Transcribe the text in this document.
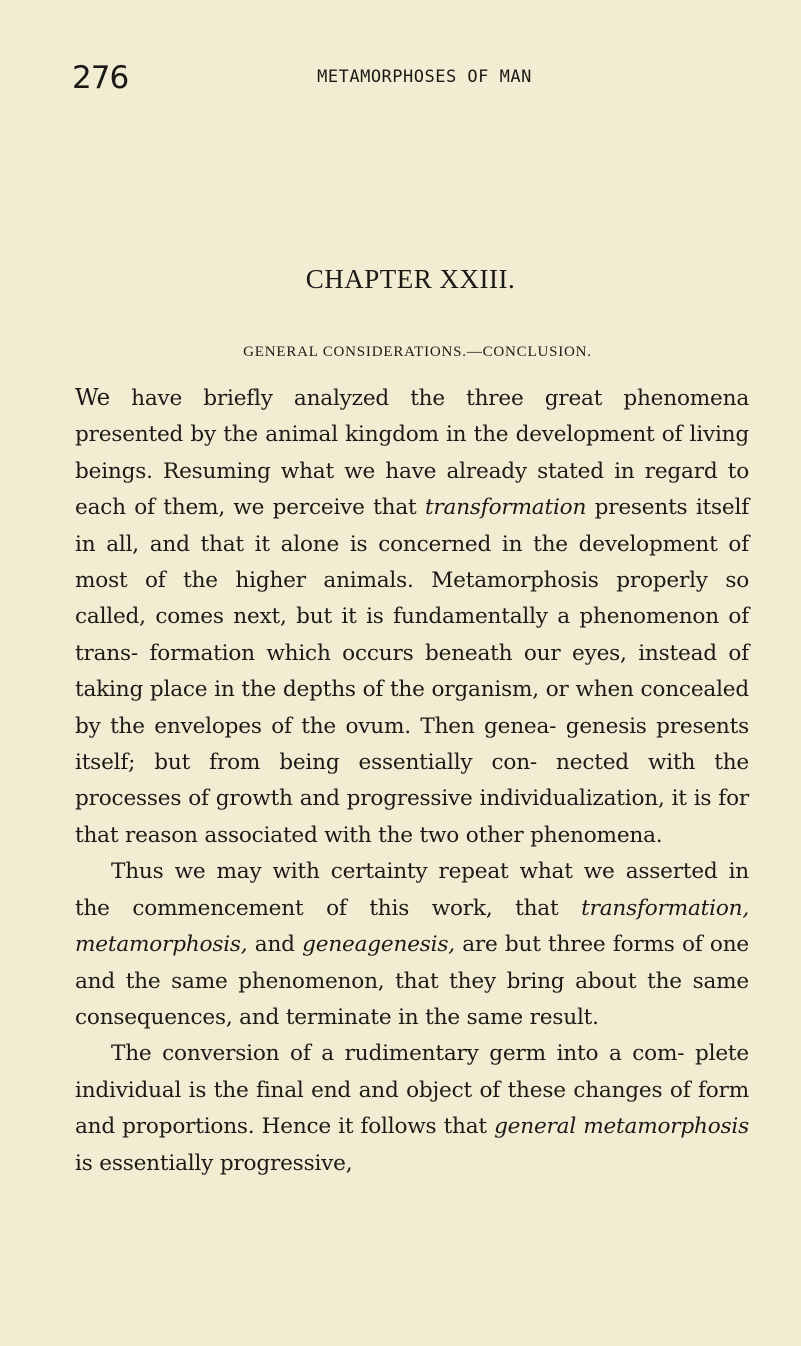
276	METAMORPHOSES OF MAN
CHAPTER XXIII.
GENERAL CONSIDERATIONS.—CONCLUSION.

We have briefly analyzed the three great phenomena presented by the animal kingdom in the development of living beings. Resuming what we have already stated in regard to each of them, we perceive that transformation presents itself in all, and that it alone is concerned in the development of most of the higher animals. Metamorphosis properly so called, comes next, but it is fundamentally a phenomenon of trans- formation which occurs beneath our eyes, instead of taking place in the depths of the organism, or when concealed by the envelopes of the ovum. Then genea- genesis presents itself; but from being essentially con- nected with the processes of growth and progressive individualization, it is for that reason associated with the two other phenomena.

Thus we may with certainty repeat what we asserted in the commencement of this work, that transformation, metamorphosis, and geneagenesis, are but three forms of one and the same phenomenon, that they bring about the same consequences, and terminate in the same result.

The conversion of a rudimentary germ into a com- plete individual is the final end and object of these changes of form and proportions. Hence it follows that general metamorphosis is essentially progressive,
